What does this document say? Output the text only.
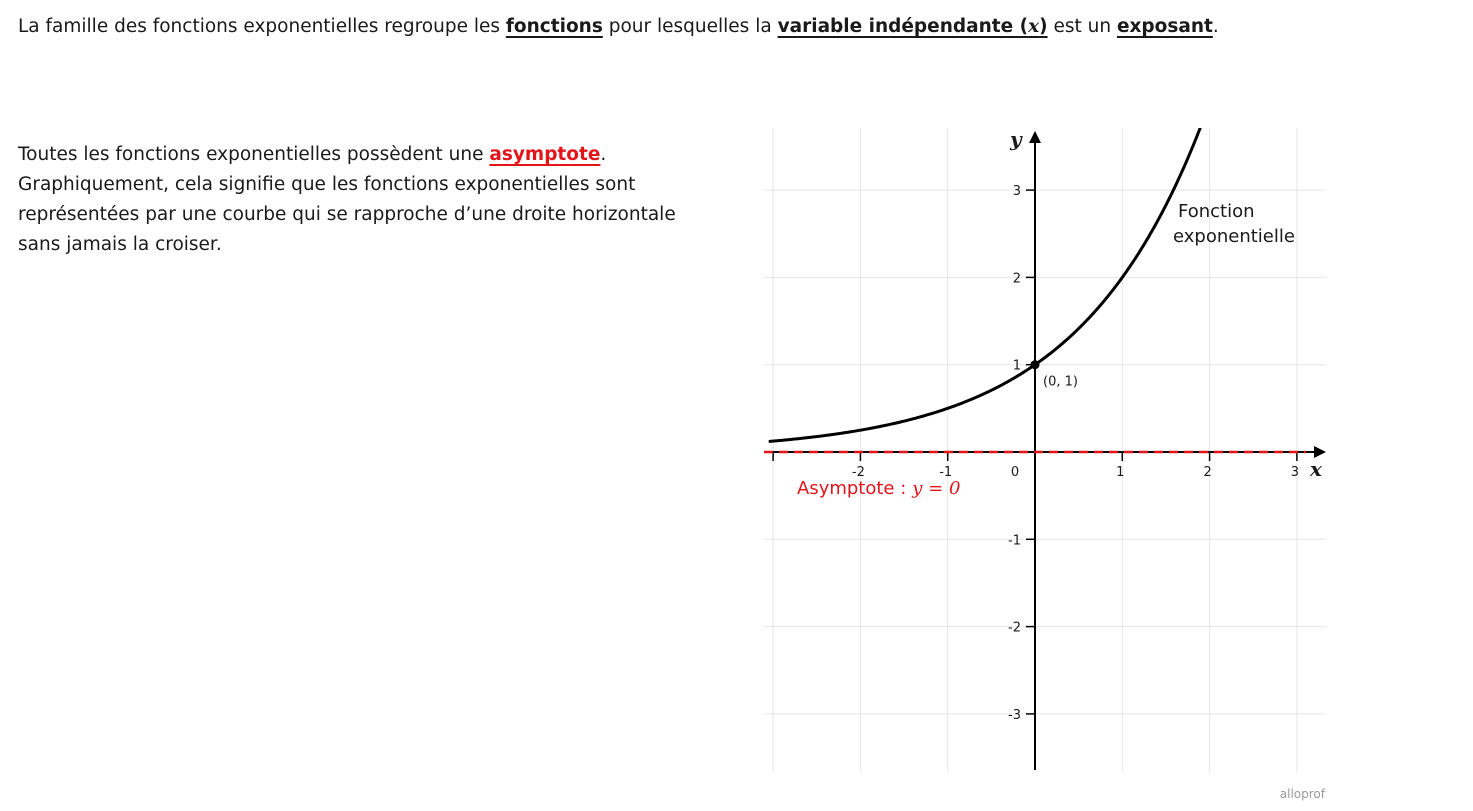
La famille des fonctions exponentielles regroupe les fonctions pour lesquelles la variable indépendante (x) est un exposant.
Toutes les fonctions exponentielles possèdent une asymptote.
Graphiquement, cela signifie que les fonctions exponentielles sont
représentées par une courbe qui se rapproche d’une droite horizontale
sans jamais la croiser.
-2	-1	0	1	2	3
3
2
1
-1
-2
-3
(0, 1)
x
y
Fonction
exponentielle
Asymptote : y = 0
alloprof
